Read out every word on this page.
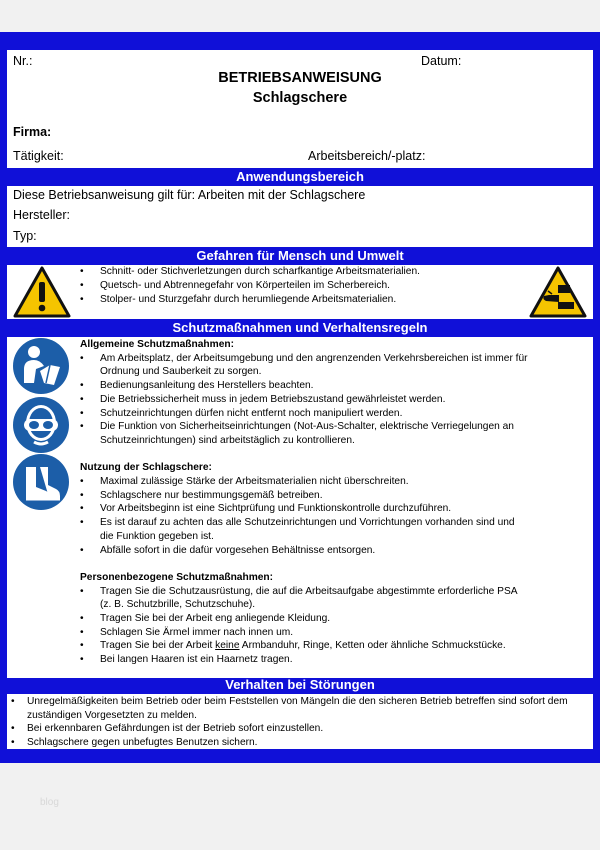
Nr.:	Datum:
BETRIEBSANWEISUNG
Schlagschere
Firma:
Tätigkeit:	Arbeitsbereich/-platz:
Anwendungsbereich
Diese Betriebsanweisung gilt für: Arbeiten mit der Schlagschere
Hersteller:
Typ:
Gefahren für Mensch und Umwelt
• Schnitt- oder Stichverletzungen durch scharfkantige Arbeitsmaterialien.
• Quetsch- und Abtrennegefahr von Körperteilen im Scherbereich.
• Stolper- und Sturzgefahr durch herumliegende Arbeitsmaterialien.
Schutzmaßnahmen und Verhaltensregeln
Allgemeine Schutzmaßnahmen:
• Am Arbeitsplatz, der Arbeitsumgebung und den angrenzenden Verkehrsbereichen ist immer für Ordnung und Sauberkeit zu sorgen.
• Bedienungsanleitung des Herstellers beachten.
• Die Betriebssicherheit muss in jedem Betriebszustand gewährleistet werden.
• Schutzeinrichtungen dürfen nicht entfernt noch manipuliert werden.
• Die Funktion von Sicherheitseinrichtungen (Not-Aus-Schalter, elektrische Verriegelungen an Schutzeinrichtungen) sind arbeitstäglich zu kontrollieren.
Nutzung der Schlagschere:
• Maximal zulässige Stärke der Arbeitsmaterialien nicht überschreiten.
• Schlagschere nur bestimmungsgemäß betreiben.
• Vor Arbeitsbeginn ist eine Sichtprüfung und Funktionskontrolle durchzuführen.
• Es ist darauf zu achten das alle Schutzeinrichtungen und Vorrichtungen vorhanden sind und die Funktion gegeben ist.
• Abfälle sofort in die dafür vorgesehen Behältnisse entsorgen.
Personenbezogene Schutzmaßnahmen:
• Tragen Sie die Schutzausrüstung, die auf die Arbeitsaufgabe abgestimmte erforderliche PSA (z. B. Schutzbrille, Schutzschuhe).
• Tragen Sie bei der Arbeit eng anliegende Kleidung.
• Schlagen Sie Ärmel immer nach innen um.
• Tragen Sie bei der Arbeit keine Armbanduhr, Ringe, Ketten oder ähnliche Schmuckstücke.
• Bei langen Haaren ist ein Haarnetz tragen.
Verhalten bei Störungen
• Unregelmäßigkeiten beim Betrieb oder beim Feststellen von Mängeln die den sicheren Betrieb betreffen sind sofort dem zuständigen Vorgesetzten zu melden.
• Bei erkennbaren Gefährdungen ist der Betrieb sofort einzustellen.
• Schlagschere gegen unbefugtes Benutzen sichern.
blog
